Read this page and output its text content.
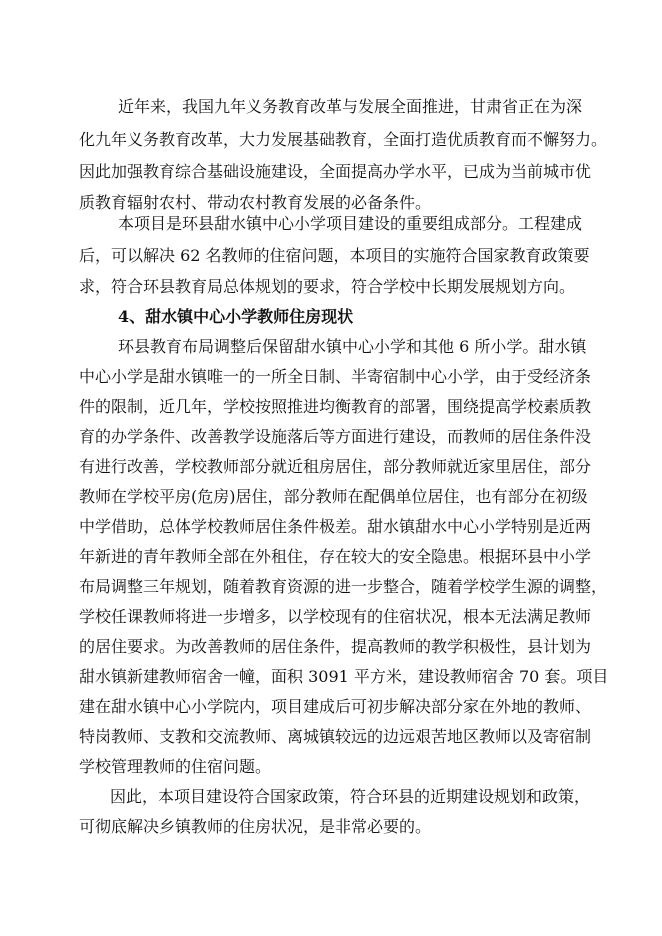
近年来，我国九年义务教育改革与发展全面推进，甘肃省正在为深
化九年义务教育改革，大力发展基础教育，全面打造优质教育而不懈努力。
因此加强教育综合基础设施建设，全面提高办学水平，已成为当前城市优
质教育辐射农村、带动农村教育发展的必备条件。
本项目是环县甜水镇中心小学项目建设的重要组成部分。工程建成
后，可以解决 62 名教师的住宿问题，本项目的实施符合国家教育政策要
求，符合环县教育局总体规划的要求，符合学校中长期发展规划方向。
4、甜水镇中心小学教师住房现状
环县教育布局调整后保留甜水镇中心小学和其他 6 所小学。甜水镇
中心小学是甜水镇唯一的一所全日制、半寄宿制中心小学，由于受经济条
件的限制，近几年，学校按照推进均衡教育的部署，围绕提高学校素质教
育的办学条件、改善教学设施落后等方面进行建设，而教师的居住条件没
有进行改善，学校教师部分就近租房居住，部分教师就近家里居住，部分
教师在学校平房(危房)居住，部分教师在配偶单位居住，也有部分在初级
中学借助，总体学校教师居住条件极差。甜水镇甜水中心小学特别是近两
年新进的青年教师全部在外租住，存在较大的安全隐患。根据环县中小学
布局调整三年规划，随着教育资源的进一步整合，随着学校学生源的调整，
学校任课教师将进一步增多，以学校现有的住宿状况，根本无法满足教师
的居住要求。为改善教师的居住条件，提高教师的教学积极性，县计划为
甜水镇新建教师宿舍一幢，面积 3091 平方米，建设教师宿舍 70 套。项目
建在甜水镇中心小学院内，项目建成后可初步解决部分家在外地的教师、
特岗教师、支教和交流教师、离城镇较远的边远艰苦地区教师以及寄宿制
学校管理教师的住宿问题。
因此，本项目建设符合国家政策，符合环县的近期建设规划和政策，
可彻底解决乡镇教师的住房状况，是非常必要的。
